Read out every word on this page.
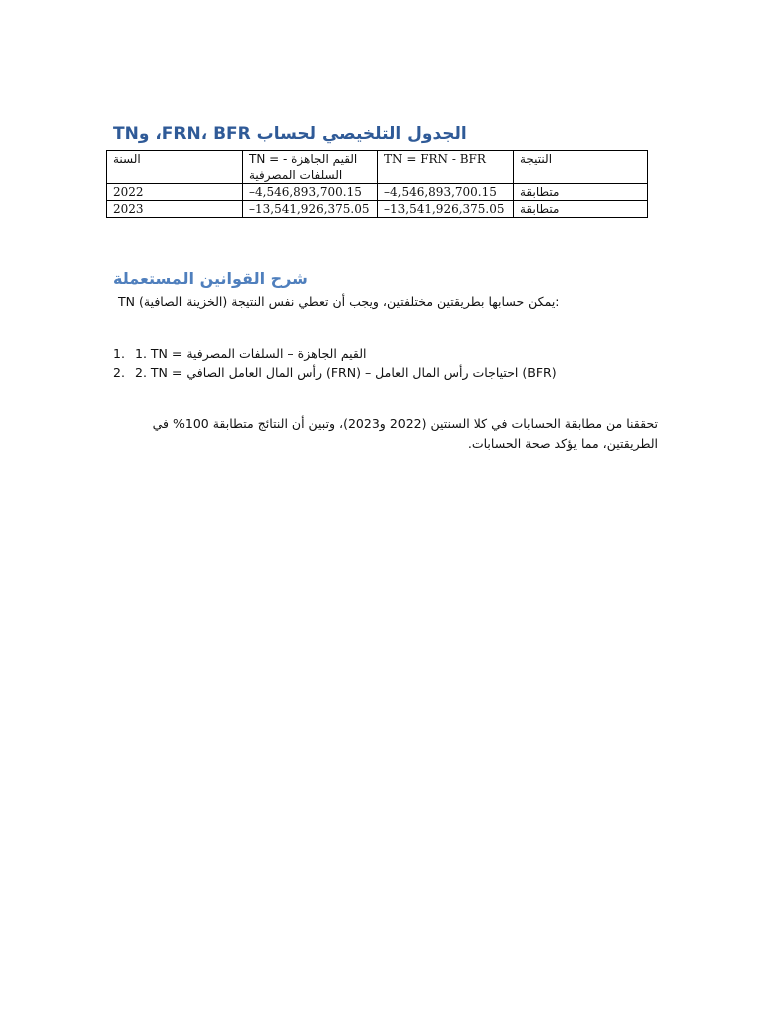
الجدول التلخيصي لحساب FRN، BFR، وTN
السنة	TN = القيم الجاهزة - السلفات المصرفية	TN = FRN - BFR	النتيجة
2022	–4,546,893,700.15	–4,546,893,700.15	متطابقة
2023	–13,541,926,375.05	–13,541,926,375.05	متطابقة
شرح القوانين المستعملة
TN (الخزينة الصافية) يمكن حسابها بطريقتين مختلفتين، ويجب أن تعطي نفس النتيجة:
1. 1. TN = القيم الجاهزة – السلفات المصرفية
2. 2. TN = رأس المال العامل الصافي (FRN) – احتياجات رأس المال العامل (BFR)
تحققنا من مطابقة الحسابات في كلا السنتين (2022 و2023)، وتبين أن النتائج متطابقة 100% في الطريقتين، مما يؤكد صحة الحسابات.
